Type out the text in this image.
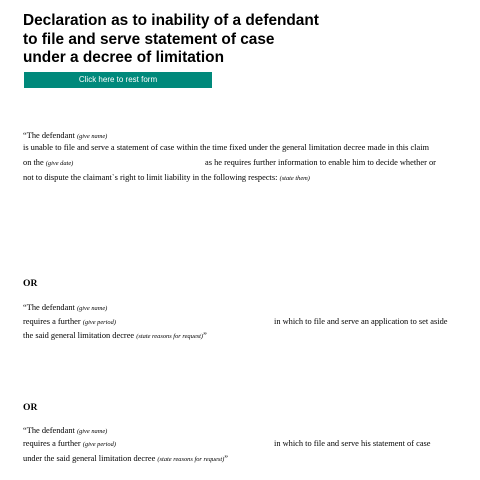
Declaration as to inability of a defendant
to file and serve statement of case
under a decree of limitation
Click here to rest form
“The defendant (give name)
is unable to file and serve a statement of case within the time fixed under the general limitation decree made in this claim
on the (give date)	as he requires further information to enable him to decide whether or
not to dispute the claimant`s right to limit liability in the following respects: (state them)
OR
“The defendant (give name)
requires a further (give period)	in which to file and serve an application to set aside
the said general limitation decree (state reasons for request)”
OR
“The defendant (give name)
requires a further (give period)	in which to file and serve his statement of case
under the said general limitation decree (state reasons for request)”
